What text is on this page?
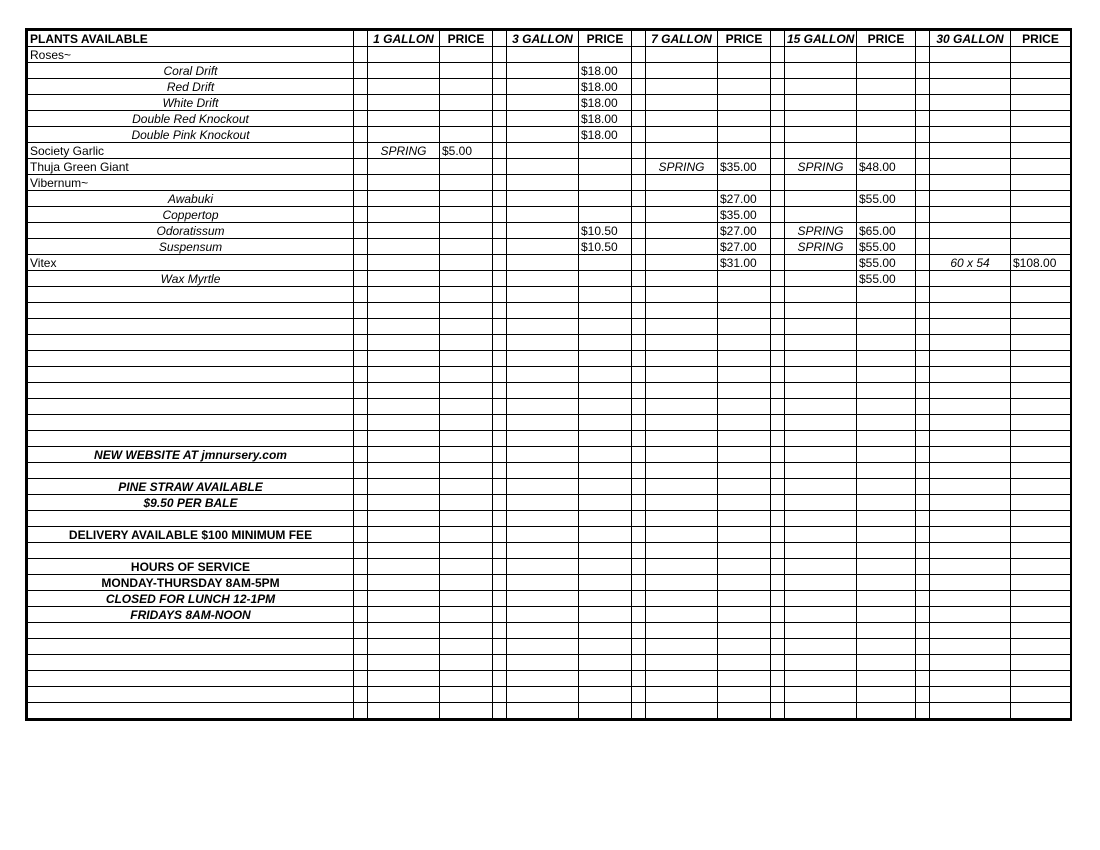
PLANTS AVAILABLE		1 GALLON	PRICE		3 GALLON	PRICE		7 GALLON	PRICE		15 GALLON	PRICE		30 GALLON	PRICE
Roses~															
Coral Drift						$18.00									
Red Drift						$18.00									
White Drift						$18.00									
Double Red Knockout						$18.00									
Double Pink Knockout						$18.00									
Society Garlic		SPRING	$5.00												
Thuja Green Giant								SPRING	$35.00		SPRING	$48.00			
Vibernum~															
Awabuki									$27.00			$55.00			
Coppertop									$35.00						
Odoratissum						$10.50			$27.00		SPRING	$65.00			
Suspensum						$10.50			$27.00		SPRING	$55.00			
Vitex									$31.00			$55.00		60 x 54	$108.00
Wax Myrtle												$55.00			

NEW WEBSITE AT jmnursery.com															

PINE STRAW AVAILABLE															
$9.50 PER BALE															

DELIVERY AVAILABLE $100 MINIMUM FEE															

HOURS OF SERVICE															
MONDAY-THURSDAY 8AM-5PM															
CLOSED FOR LUNCH 12-1PM															
FRIDAYS 8AM-NOON															
